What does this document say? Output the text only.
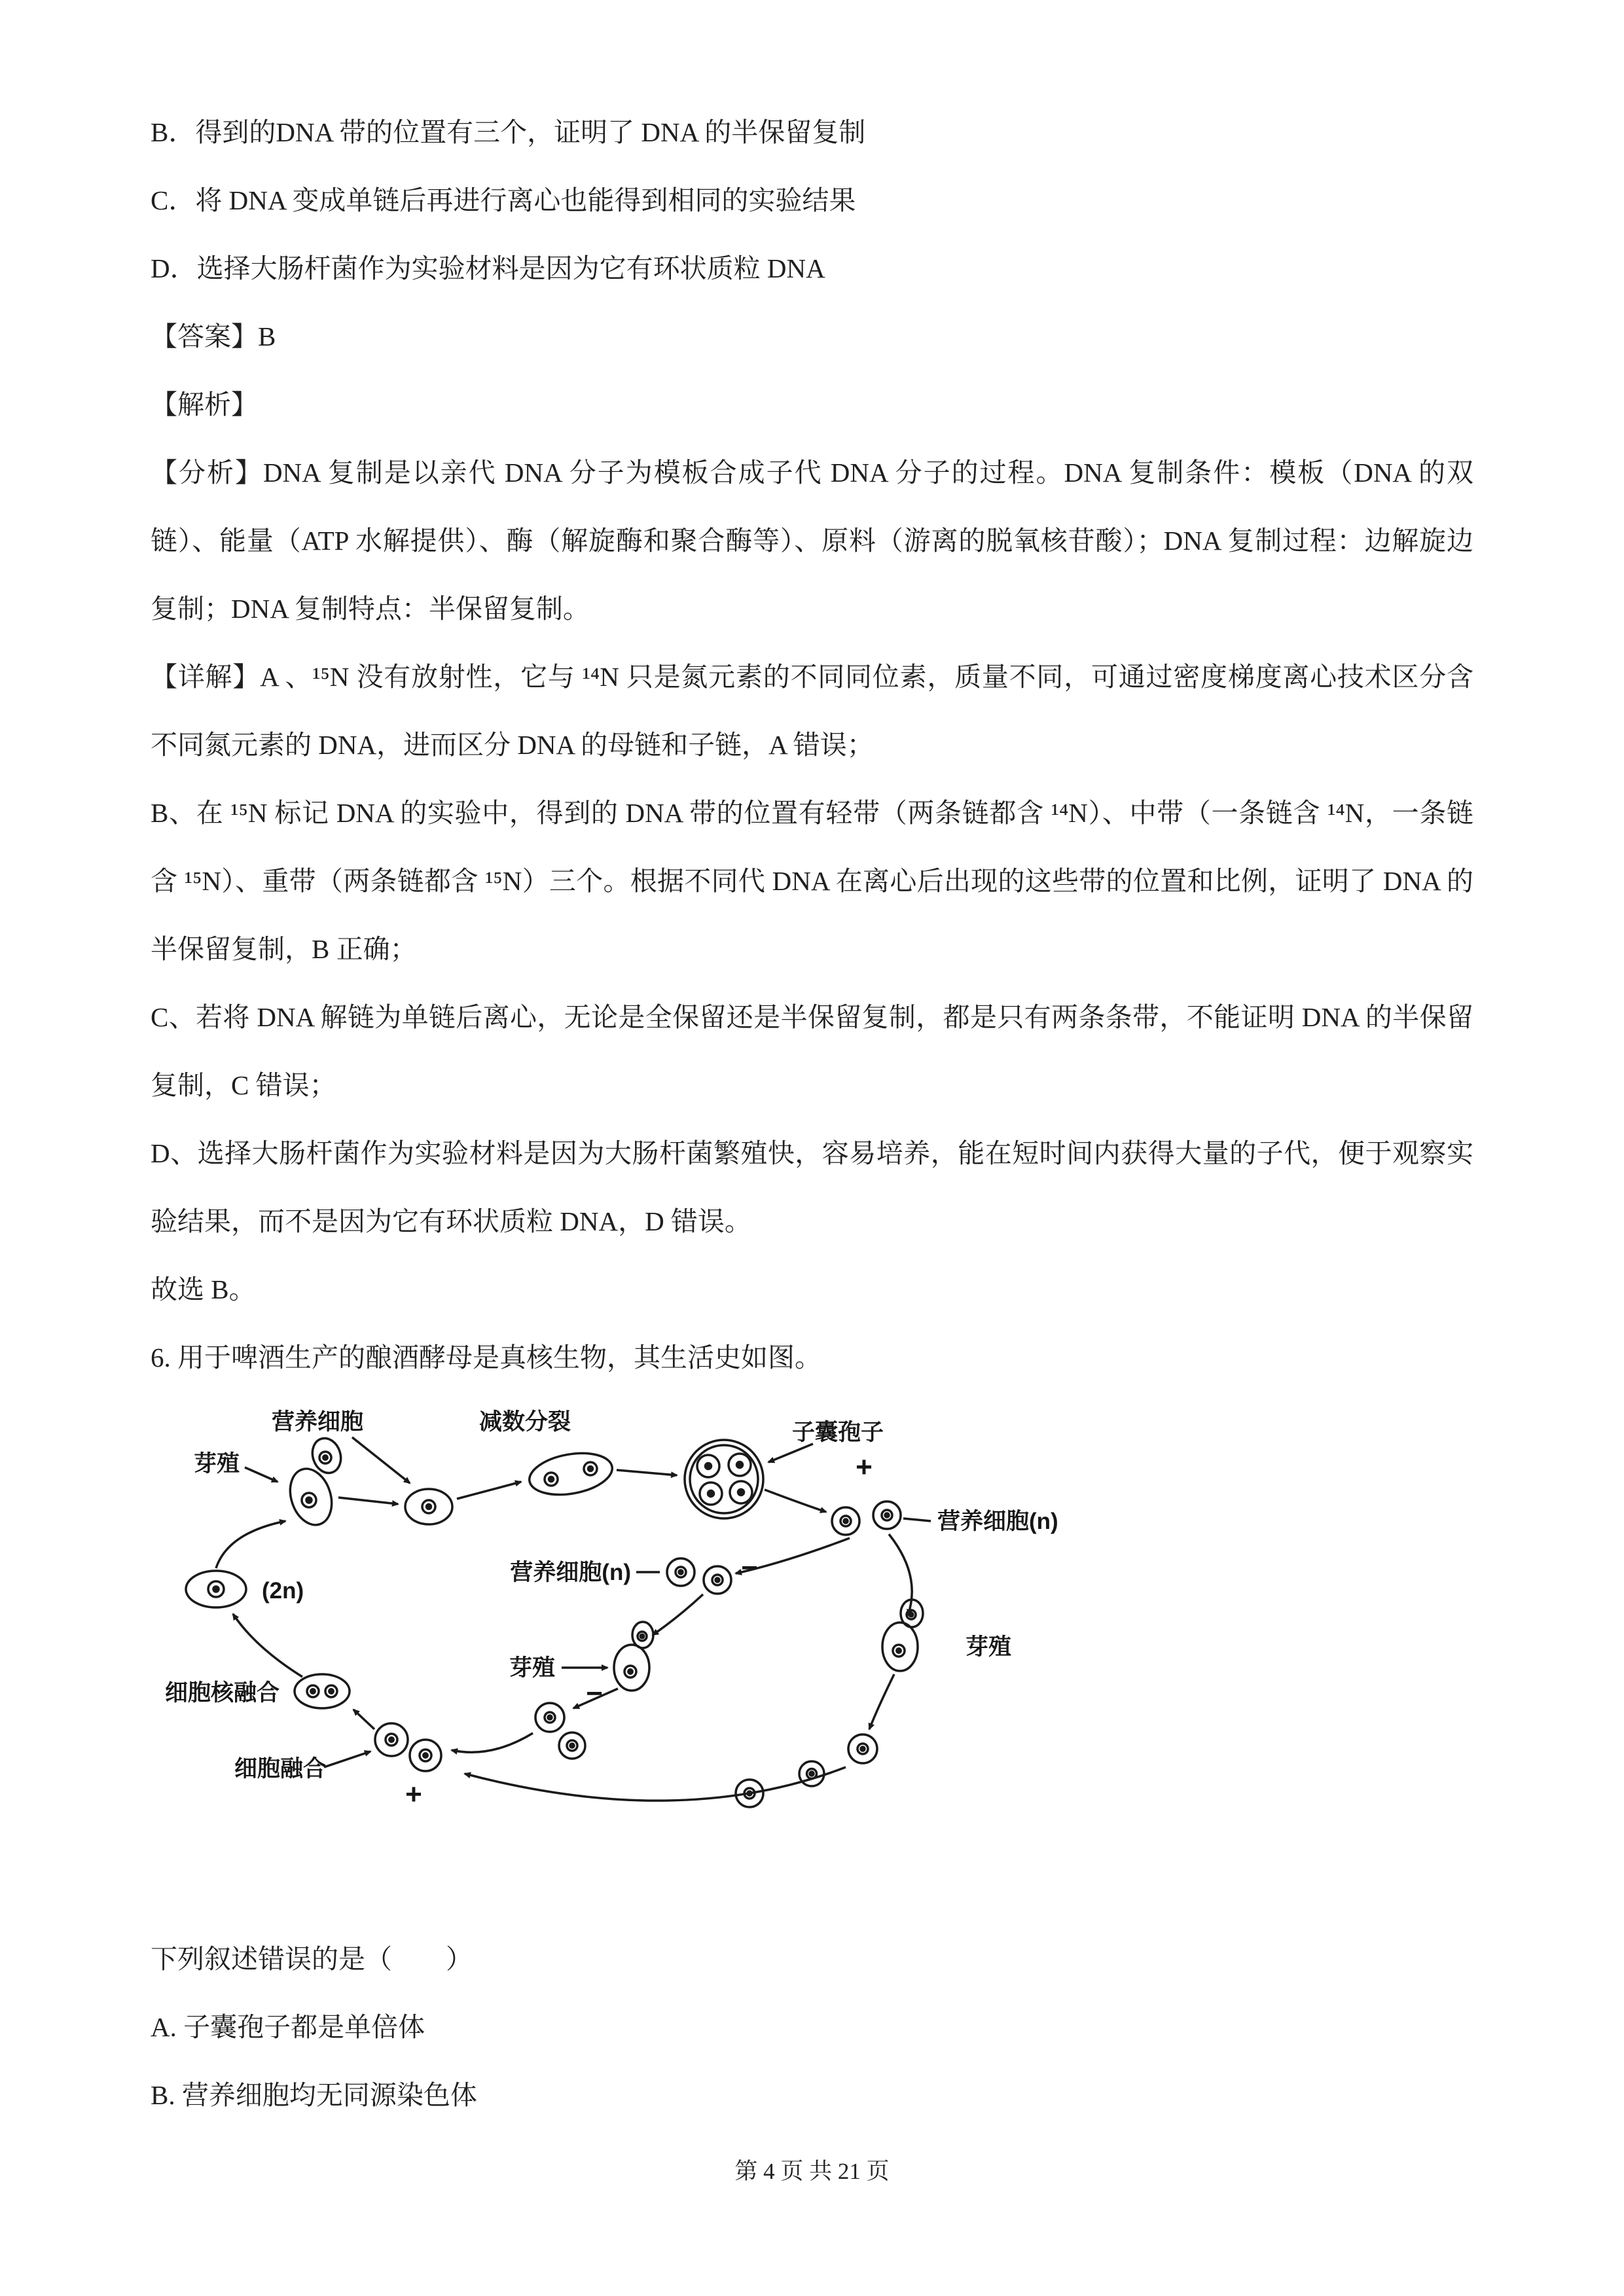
B．得到的DNA 带的位置有三个，证明了 DNA 的半保留复制

C．将 DNA 变成单链后再进行离心也能得到相同的实验结果

D．选择大肠杆菌作为实验材料是因为它有环状质粒 DNA

【答案】B

【解析】

【分析】DNA 复制是以亲代 DNA 分子为模板合成子代 DNA 分子的过程。DNA 复制条件：模板（DNA 的双链）、能量（ATP 水解提供）、酶（解旋酶和聚合酶等）、原料（游离的脱氧核苷酸）；DNA 复制过程：边解旋边复制；DNA 复制特点：半保留复制。

【详解】A 、¹⁵N 没有放射性，它与 ¹⁴N 只是氮元素的不同同位素，质量不同，可通过密度梯度离心技术区分含不同氮元素的 DNA，进而区分 DNA 的母链和子链，A 错误；

B、在 ¹⁵N 标记 DNA 的实验中，得到的 DNA 带的位置有轻带（两条链都含 ¹⁴N）、中带（一条链含 ¹⁴N，一条链含 ¹⁵N）、重带（两条链都含 ¹⁵N）三个。根据不同代 DNA 在离心后出现的这些带的位置和比例，证明了 DNA 的半保留复制，B 正确；

C、若将 DNA 解链为单链后离心，无论是全保留还是半保留复制，都是只有两条条带，不能证明 DNA 的半保留复制，C 错误；

D、选择大肠杆菌作为实验材料是因为大肠杆菌繁殖快，容易培养，能在短时间内获得大量的子代，便于观察实验结果，而不是因为它有环状质粒 DNA，D 错误。

故选 B。

6. 用于啤酒生产的酿酒酵母是真核生物，其生活史如图。

营养细胞	减数分裂	子囊孢子
+
营养细胞(n)
营养细胞(n)	−
芽殖
(2n)
芽殖
细胞核融合
芽殖
细胞融合
+
−

下列叙述错误的是（　　）

A. 子囊孢子都是单倍体

B. 营养细胞均无同源染色体

第 4 页 共 21 页
